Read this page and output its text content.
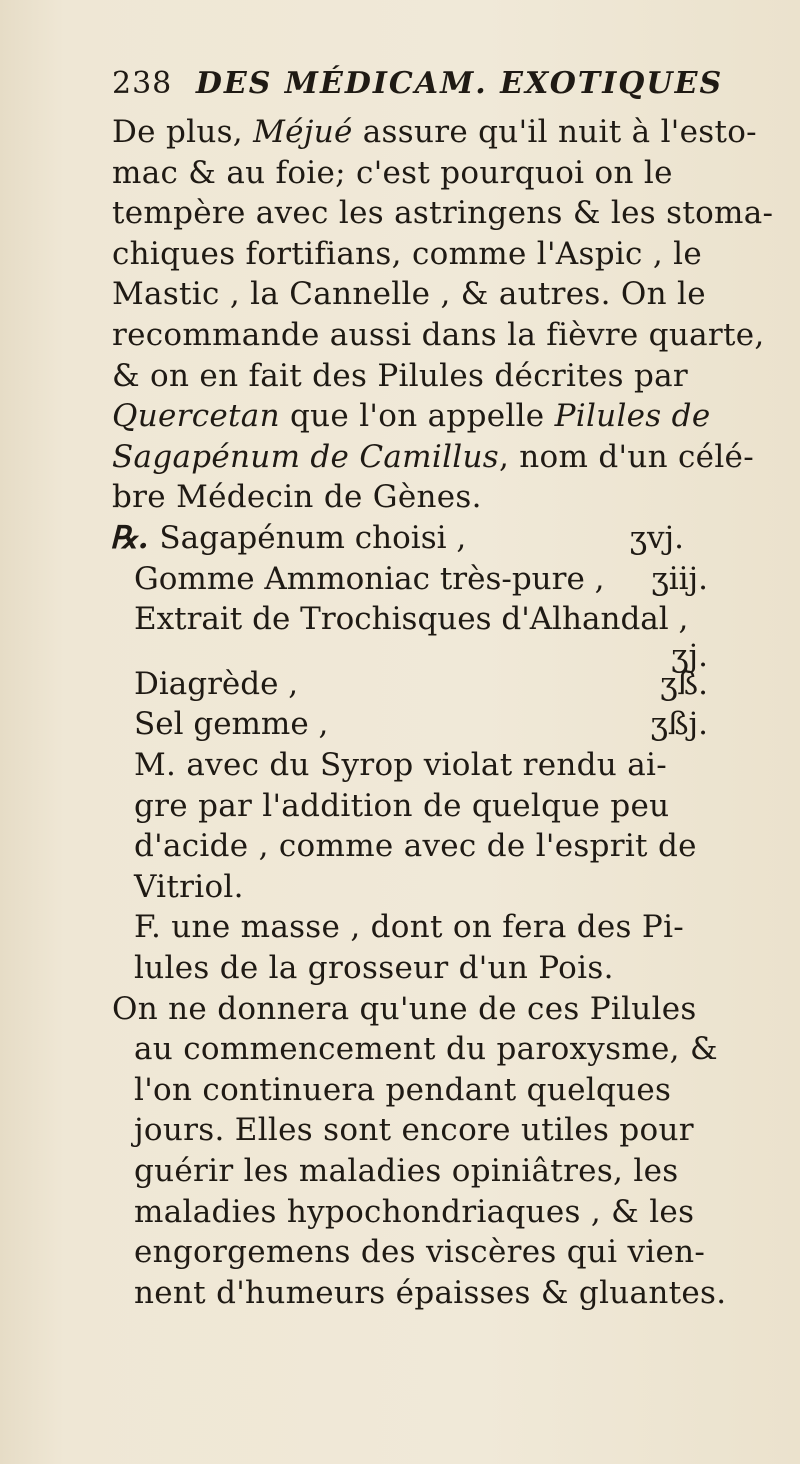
238 DES MÉDICAM. EXOTIQUES
De plus, Méjué assure qu'il nuit à l'esto-
mac & au foie; c'est pourquoi on le
tempère avec les astringens & les stoma-
chiques fortifians, comme l'Aspic , le
Mastic , la Cannelle , & autres. On le
recommande aussi dans la fièvre quarte,
& on en fait des Pilules décrites par
Quercetan que l'on appelle Pilules de
Sagapénum de Camillus, nom d'un célé-
bre Médecin de Gènes.
℞. Sagapénum choisi ,	ʒvj.
Gomme Ammoniac très-pure , ʒiij.
Extrait de Trochisques d'Alhandal ,
ʒj.
Diagrède ,	ʒß.
Sel gemme ,	ʒßj.
M. avec du Syrop violat rendu ai-
gre par l'addition de quelque peu
d'acide , comme avec de l'esprit de
Vitriol.
F. une masse , dont on fera des Pi-
lules de la grosseur d'un Pois.
On ne donnera qu'une de ces Pilules
au commencement du paroxysme, &
l'on continuera pendant quelques
jours. Elles sont encore utiles pour
guérir les maladies opiniâtres, les
maladies hypochondriaques , & les
engorgemens des viscères qui vien-
nent d'humeurs épaisses & gluantes.
